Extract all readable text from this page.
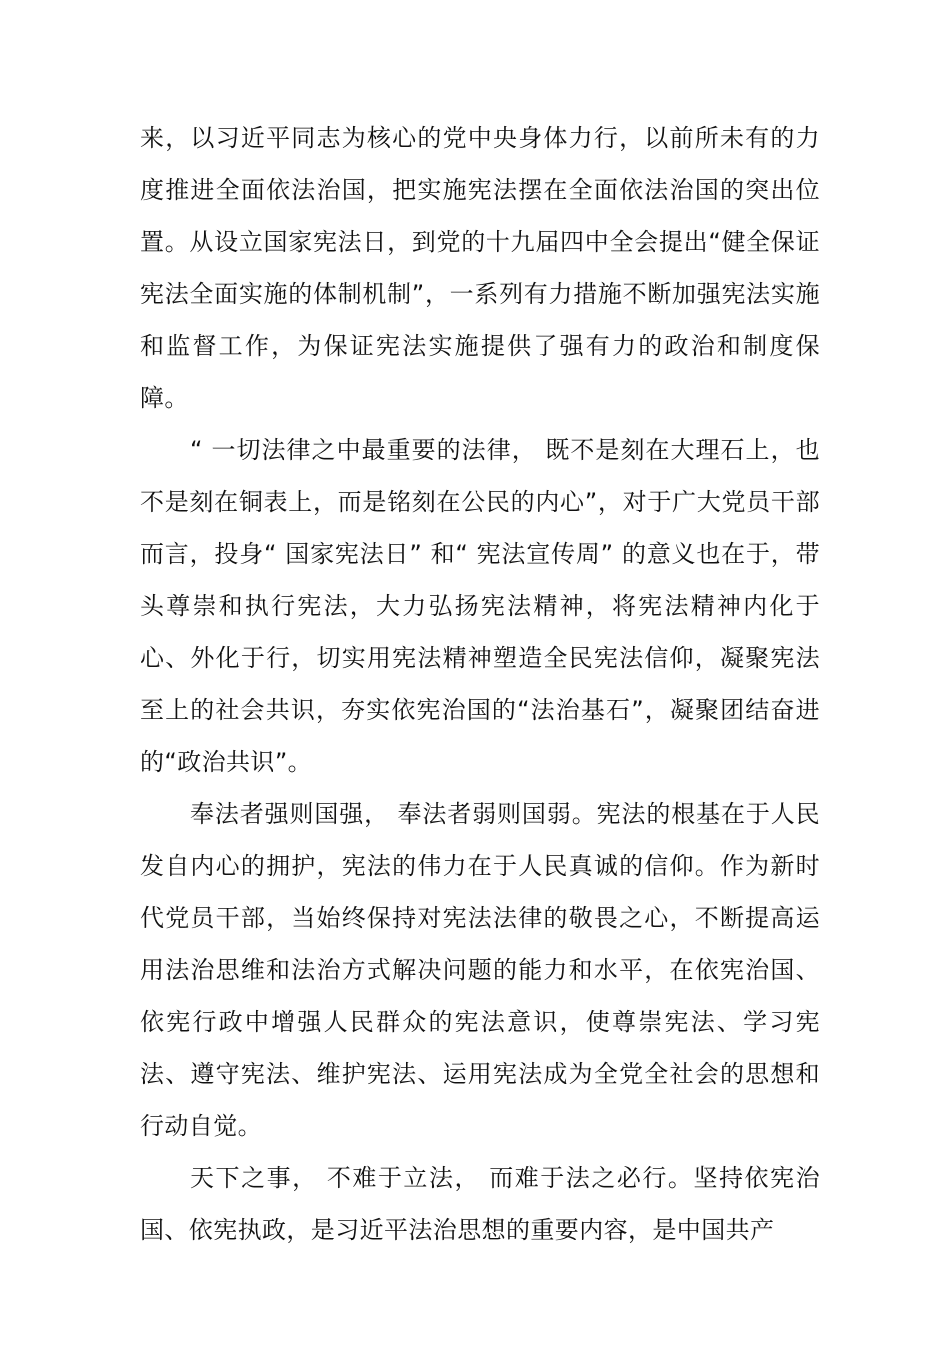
来，以习近平同志为核心的党中央身体力行，以前所未有的力度推进全面依法治国，把实施宪法摆在全面依法治国的突出位置。从设立国家宪法日，到党的十九届四中全会提出“健全保证宪法全面实施的体制机制”，一系列有力措施不断加强宪法实施和监督工作，为保证宪法实施提供了强有力的政治和制度保障。

“ 一切法律之中最重要的法律， 既不是刻在大理石上，也不是刻在铜表上，而是铭刻在公民的内心”，对于广大党员干部而言，投身“ 国家宪法日” 和“ 宪法宣传周” 的意义也在于，带头尊崇和执行宪法，大力弘扬宪法精神，将宪法精神内化于心、外化于行，切实用宪法精神塑造全民宪法信仰，凝聚宪法至上的社会共识，夯实依宪治国的“法治基石”，凝聚团结奋进的“政治共识”。

奉法者强则国强， 奉法者弱则国弱。宪法的根基在于人民发自内心的拥护，宪法的伟力在于人民真诚的信仰。作为新时代党员干部，当始终保持对宪法法律的敬畏之心，不断提高运用法治思维和法治方式解决问题的能力和水平，在依宪治国、依宪行政中增强人民群众的宪法意识，使尊崇宪法、学习宪法、遵守宪法、维护宪法、运用宪法成为全党全社会的思想和行动自觉。

天下之事， 不难于立法， 而难于法之必行。坚持依宪治国、依宪执政，是习近平法治思想的重要内容，是中国共产
